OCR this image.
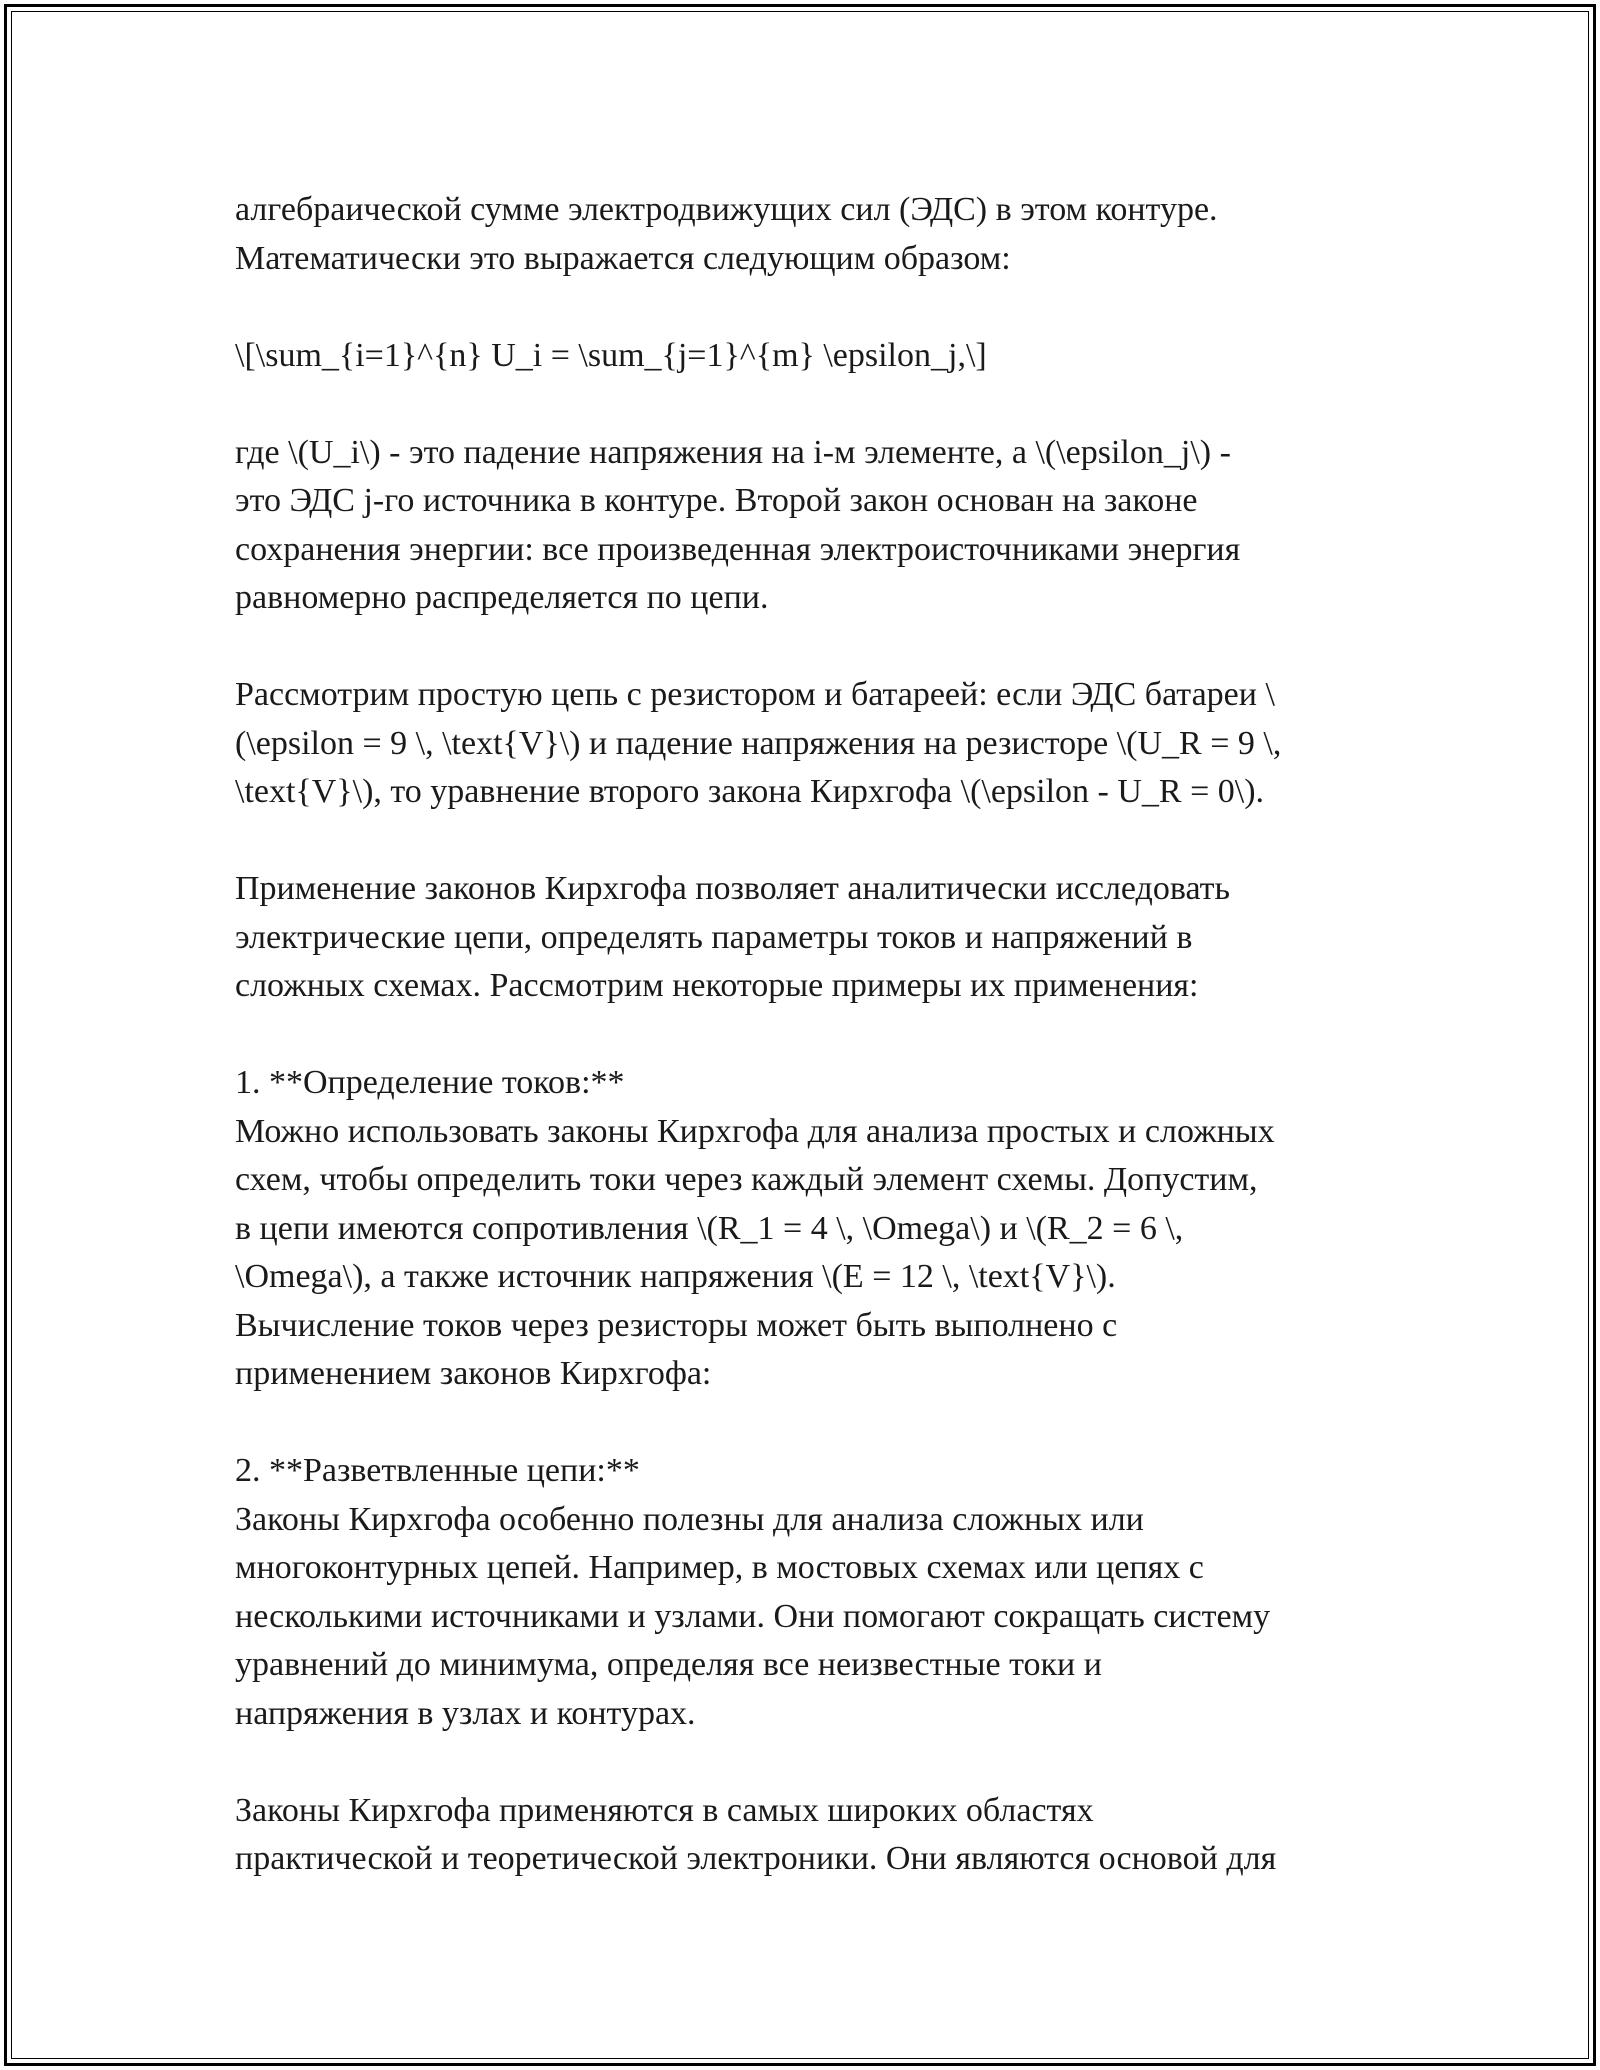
алгебраической сумме электродвижущих сил (ЭДС) в этом контуре.
Математически это выражается следующим образом:

\[\sum_{i=1}^{n} U_i = \sum_{j=1}^{m} \epsilon_j,\]

где \(U_i\) - это падение напряжения на i-м элементе, а \(\epsilon_j\) -
это ЭДС j-го источника в контуре. Второй закон основан на законе
сохранения энергии: все произведенная электроисточниками энергия
равномерно распределяется по цепи.

Рассмотрим простую цепь с резистором и батареей: если ЭДС батареи \
(\epsilon = 9 \, \text{V}\) и падение напряжения на резисторе \(U_R = 9 \,
\text{V}\), то уравнение второго закона Кирхгофа \(\epsilon - U_R = 0\).

Применение законов Кирхгофа позволяет аналитически исследовать
электрические цепи, определять параметры токов и напряжений в
сложных схемах. Рассмотрим некоторые примеры их применения:

1. **Определение токов:**
Можно использовать законы Кирхгофа для анализа простых и сложных
схем, чтобы определить токи через каждый элемент схемы. Допустим,
в цепи имеются сопротивления \(R_1 = 4 \, \Omega\) и \(R_2 = 6 \,
\Omega\), а также источник напряжения \(E = 12 \, \text{V}\).
Вычисление токов через резисторы может быть выполнено с
применением законов Кирхгофа:

2. **Разветвленные цепи:**
Законы Кирхгофа особенно полезны для анализа сложных или
многоконтурных цепей. Например, в мостовых схемах или цепях с
несколькими источниками и узлами. Они помогают сокращать систему
уравнений до минимума, определяя все неизвестные токи и
напряжения в узлах и контурах.

Законы Кирхгофа применяются в самых широких областях
практической и теоретической электроники. Они являются основой для
